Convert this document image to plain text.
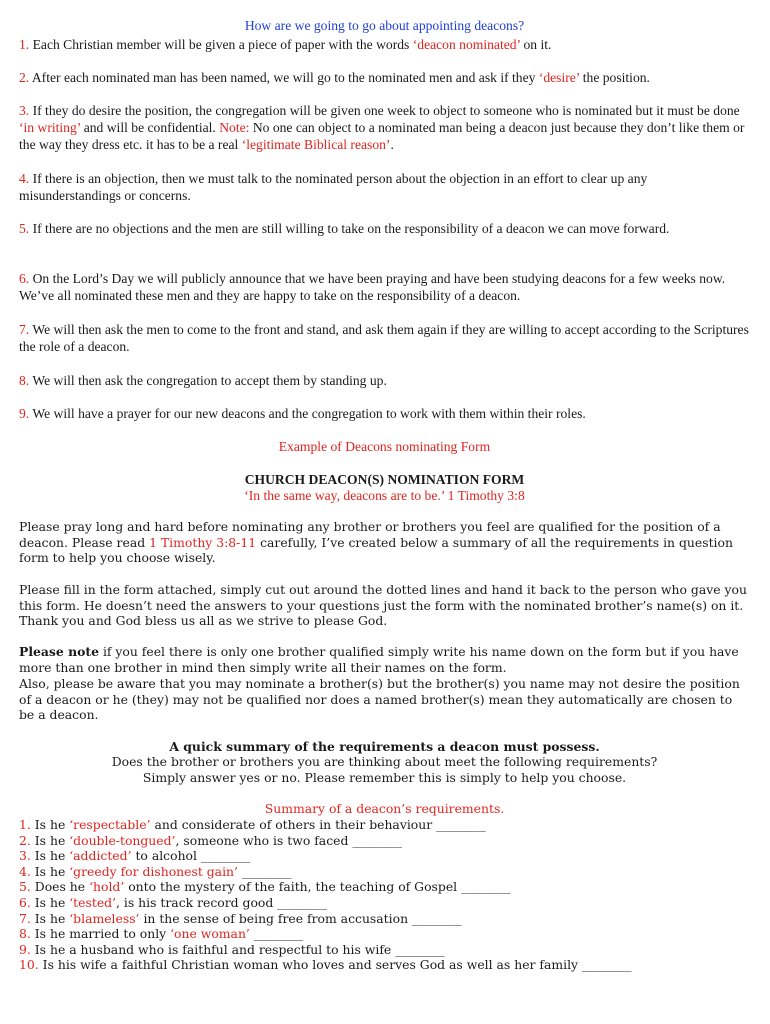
How are we going to go about appointing deacons?

1. Each Christian member will be given a piece of paper with the words ‘deacon nominated’ on it.

2. After each nominated man has been named, we will go to the nominated men and ask if they ‘desire’ the position.

3. If they do desire the position, the congregation will be given one week to object to someone who is nominated but it must be done ‘in writing’ and will be confidential. Note: No one can object to a nominated man being a deacon just because they don’t like them or the way they dress etc. it has to be a real ‘legitimate Biblical reason’.

4. If there is an objection, then we must talk to the nominated person about the objection in an effort to clear up any misunderstandings or concerns.

5. If there are no objections and the men are still willing to take on the responsibility of a deacon we can move forward.

6. On the Lord’s Day we will publicly announce that we have been praying and have been studying deacons for a few weeks now. We’ve all nominated these men and they are happy to take on the responsibility of a deacon.

7. We will then ask the men to come to the front and stand, and ask them again if they are willing to accept according to the Scriptures the role of a deacon.

8. We will then ask the congregation to accept them by standing up.

9. We will have a prayer for our new deacons and the congregation to work with them within their roles.

Example of Deacons nominating Form

CHURCH DEACON(S) NOMINATION FORM

‘In the same way, deacons are to be.’ 1 Timothy 3:8

Please pray long and hard before nominating any brother or brothers you feel are qualified for the position of a deacon. Please read 1 Timothy 3:8-11 carefully, I’ve created below a summary of all the requirements in question form to help you choose wisely.

Please fill in the form attached, simply cut out around the dotted lines and hand it back to the person who gave you this form. He doesn’t need the answers to your questions just the form with the nominated brother’s name(s) on it. Thank you and God bless us all as we strive to please God.

Please note if you feel there is only one brother qualified simply write his name down on the form but if you have more than one brother in mind then simply write all their names on the form.

Also, please be aware that you may nominate a brother(s) but the brother(s) you name may not desire the position of a deacon or he (they) may not be qualified nor does a named brother(s) mean they automatically are chosen to be a deacon.

A quick summary of the requirements a deacon must possess.

Does the brother or brothers you are thinking about meet the following requirements?

Simply answer yes or no. Please remember this is simply to help you choose.

Summary of a deacon’s requirements.

1. Is he ‘respectable’ and considerate of others in their behaviour ________

2. Is he ‘double-tongued’, someone who is two faced ________

3. Is he ‘addicted’ to alcohol ________

4. Is he ‘greedy for dishonest gain’ ________

5. Does he ‘hold’ onto the mystery of the faith, the teaching of Gospel ________

6. Is he ‘tested’, is his track record good ________

7. Is he ‘blameless’ in the sense of being free from accusation ________

8. Is he married to only ‘one woman’ ________

9. Is he a husband who is faithful and respectful to his wife ________

10. Is his wife a faithful Christian woman who loves and serves God as well as her family ________
